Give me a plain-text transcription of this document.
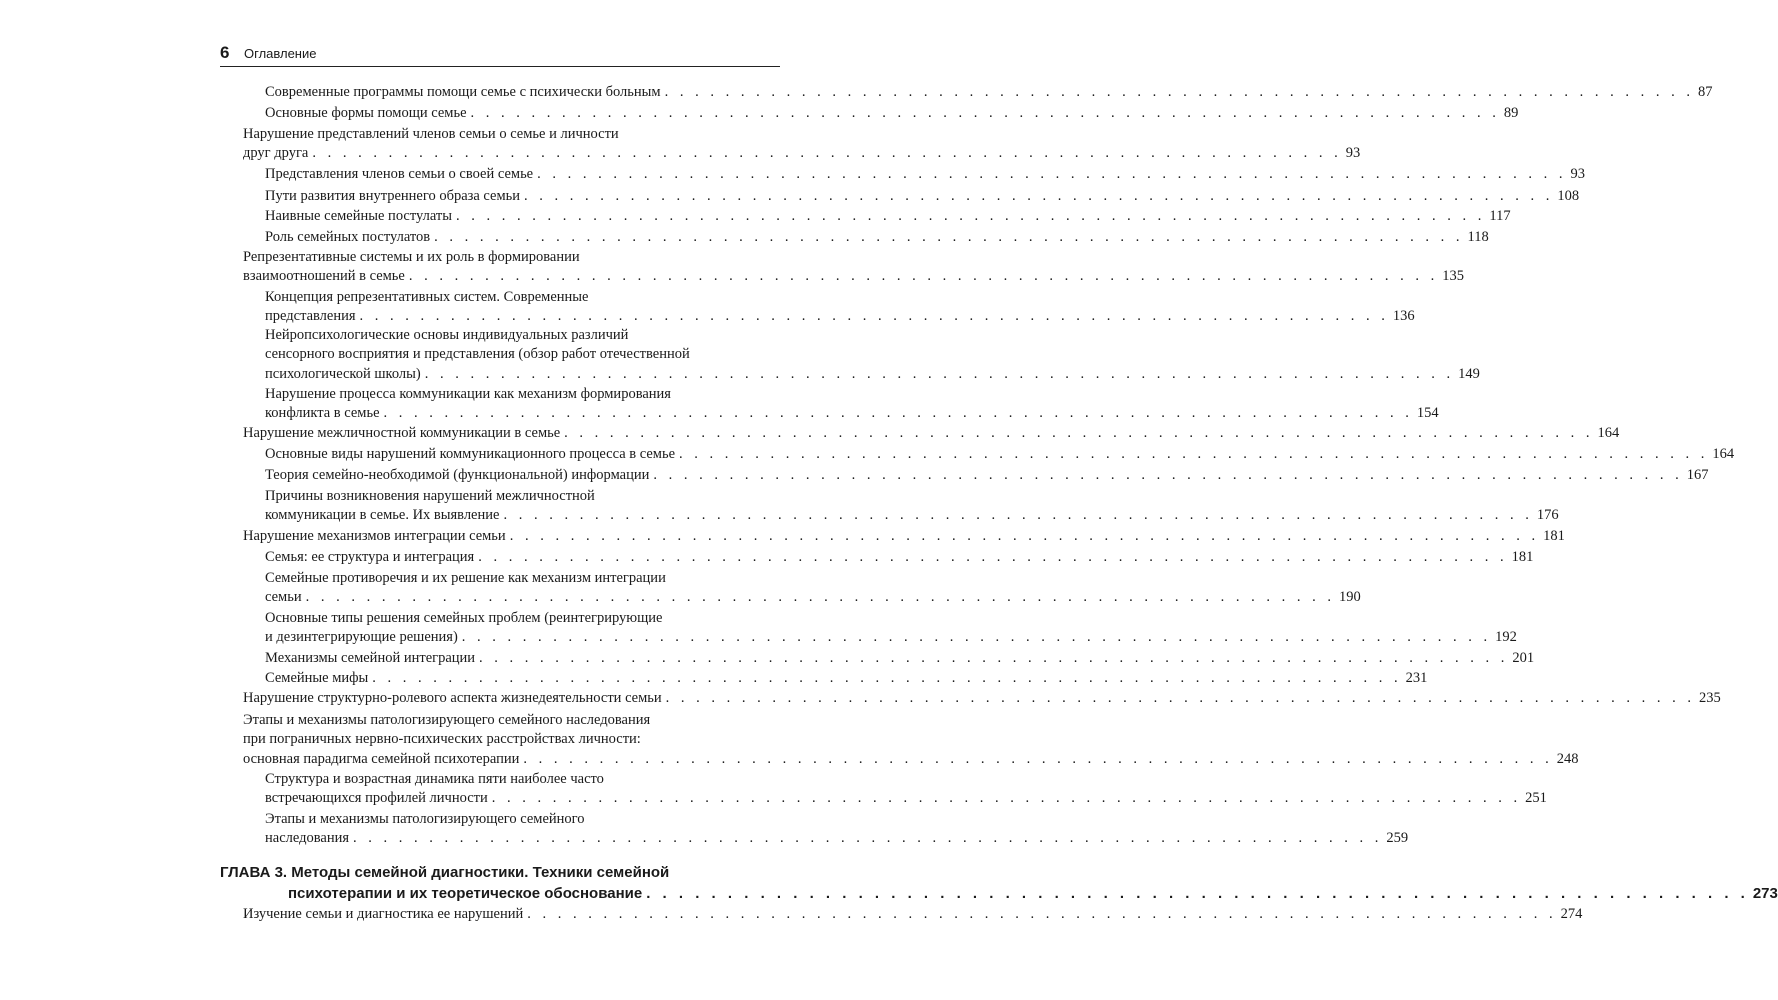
6 Оглавление
Современные программы помощи семье с психически больным . . . . . . . . . . . . . . . . . . . . . . . . . . . . . . . . . . . . . . . . . . . . . . . . . . . . . . . . . . . . . . . . . . . . 87
Основные формы помощи семье . . . . . . . . . . . . . . . . . . . . . . . . . . . . . . . . . . . . . . . . . . . . . . . . . . . . . . . . . . . . . . . . . . . . 89
Нарушение представлений членов семьи о семье и личности
друг друга . . . . . . . . . . . . . . . . . . . . . . . . . . . . . . . . . . . . . . . . . . . . . . . . . . . . . . . . . . . . . . . . . . . . 93
Представления членов семьи о своей семье . . . . . . . . . . . . . . . . . . . . . . . . . . . . . . . . . . . . . . . . . . . . . . . . . . . . . . . . . . . . . . . . . . . . 93
Пути развития внутреннего образа семьи . . . . . . . . . . . . . . . . . . . . . . . . . . . . . . . . . . . . . . . . . . . . . . . . . . . . . . . . . . . . . . . . . . . . 108
Наивные семейные постулаты . . . . . . . . . . . . . . . . . . . . . . . . . . . . . . . . . . . . . . . . . . . . . . . . . . . . . . . . . . . . . . . . . . . . 117
Роль семейных постулатов . . . . . . . . . . . . . . . . . . . . . . . . . . . . . . . . . . . . . . . . . . . . . . . . . . . . . . . . . . . . . . . . . . . . 118
Репрезентативные системы и их роль в формировании
взаимоотношений в семье . . . . . . . . . . . . . . . . . . . . . . . . . . . . . . . . . . . . . . . . . . . . . . . . . . . . . . . . . . . . . . . . . . . . 135
Концепция репрезентативных систем. Современные
представления . . . . . . . . . . . . . . . . . . . . . . . . . . . . . . . . . . . . . . . . . . . . . . . . . . . . . . . . . . . . . . . . . . . . 136
Нейропсихологические основы индивидуальных различий
сенсорного восприятия и представления (обзор работ отечественной
психологической школы) . . . . . . . . . . . . . . . . . . . . . . . . . . . . . . . . . . . . . . . . . . . . . . . . . . . . . . . . . . . . . . . . . . . . 149
Нарушение процесса коммуникации как механизм формирования
конфликта в семье . . . . . . . . . . . . . . . . . . . . . . . . . . . . . . . . . . . . . . . . . . . . . . . . . . . . . . . . . . . . . . . . . . . . 154
Нарушение межличностной коммуникации в семье . . . . . . . . . . . . . . . . . . . . . . . . . . . . . . . . . . . . . . . . . . . . . . . . . . . . . . . . . . . . . . . . . . . . 164
Основные виды нарушений коммуникационного процесса в семье . . . . . . . . . . . . . . . . . . . . . . . . . . . . . . . . . . . . . . . . . . . . . . . . . . . . . . . . . . . . . . . . . . . . 164
Теория семейно-необходимой (функциональной) информации . . . . . . . . . . . . . . . . . . . . . . . . . . . . . . . . . . . . . . . . . . . . . . . . . . . . . . . . . . . . . . . . . . . . 167
Причины возникновения нарушений межличностной
коммуникации в семье. Их выявление . . . . . . . . . . . . . . . . . . . . . . . . . . . . . . . . . . . . . . . . . . . . . . . . . . . . . . . . . . . . . . . . . . . . 176
Нарушение механизмов интеграции семьи . . . . . . . . . . . . . . . . . . . . . . . . . . . . . . . . . . . . . . . . . . . . . . . . . . . . . . . . . . . . . . . . . . . . 181
Семья: ее структура и интеграция . . . . . . . . . . . . . . . . . . . . . . . . . . . . . . . . . . . . . . . . . . . . . . . . . . . . . . . . . . . . . . . . . . . . 181
Семейные противоречия и их решение как механизм интеграции
семьи . . . . . . . . . . . . . . . . . . . . . . . . . . . . . . . . . . . . . . . . . . . . . . . . . . . . . . . . . . . . . . . . . . . . 190
Основные типы решения семейных проблем (реинтегрирующие
и дезинтегрирующие решения) . . . . . . . . . . . . . . . . . . . . . . . . . . . . . . . . . . . . . . . . . . . . . . . . . . . . . . . . . . . . . . . . . . . . 192
Механизмы семейной интеграции . . . . . . . . . . . . . . . . . . . . . . . . . . . . . . . . . . . . . . . . . . . . . . . . . . . . . . . . . . . . . . . . . . . . 201
Семейные мифы . . . . . . . . . . . . . . . . . . . . . . . . . . . . . . . . . . . . . . . . . . . . . . . . . . . . . . . . . . . . . . . . . . . . 231
Нарушение структурно-ролевого аспекта жизнедеятельности семьи . . . . . . . . . . . . . . . . . . . . . . . . . . . . . . . . . . . . . . . . . . . . . . . . . . . . . . . . . . . . . . . . . . . . 235
Этапы и механизмы патологизирующего семейного наследования
при пограничных нервно-психических расстройствах личности:
основная парадигма семейной психотерапии . . . . . . . . . . . . . . . . . . . . . . . . . . . . . . . . . . . . . . . . . . . . . . . . . . . . . . . . . . . . . . . . . . . . 248
Структура и возрастная динамика пяти наиболее часто
встречающихся профилей личности . . . . . . . . . . . . . . . . . . . . . . . . . . . . . . . . . . . . . . . . . . . . . . . . . . . . . . . . . . . . . . . . . . . . 251
Этапы и механизмы патологизирующего семейного
наследования . . . . . . . . . . . . . . . . . . . . . . . . . . . . . . . . . . . . . . . . . . . . . . . . . . . . . . . . . . . . . . . . . . . . 259
ГЛАВА 3. Методы семейной диагностики. Техники семейной
психотерапии и их теоретическое обоснование . . . . . . . . . . . . . . . . . . . . . . . . . . . . . . . . . . . . . . . . . . . . . . . . . . . . . . . . . . . . . . . . . . . . 273
Изучение семьи и диагностика ее нарушений . . . . . . . . . . . . . . . . . . . . . . . . . . . . . . . . . . . . . . . . . . . . . . . . . . . . . . . . . . . . . . . . . . . . 274
